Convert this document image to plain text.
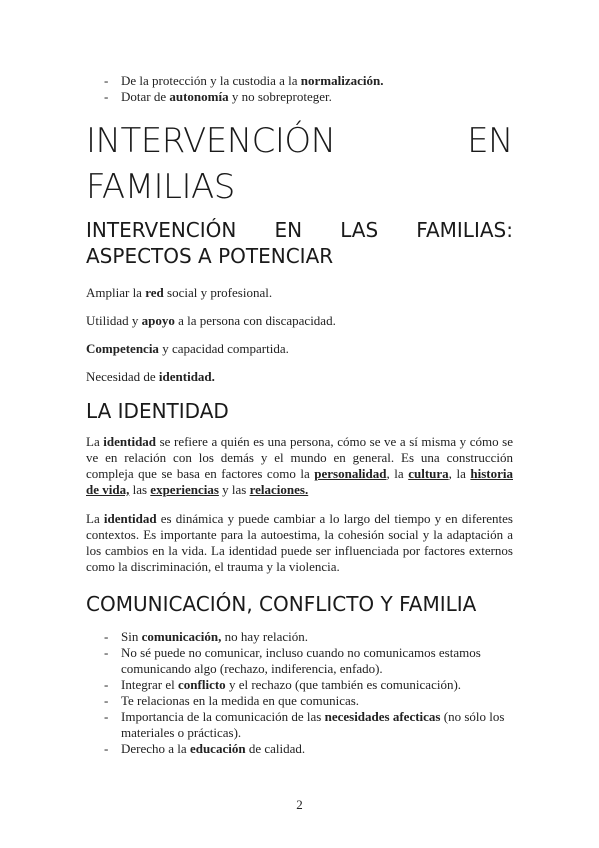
- De la protección y la custodia a la normalización.
- Dotar de autonomía y no sobreproteger.
INTERVENCIÓN	EN
FAMILIAS
INTERVENCIÓN EN LAS FAMILIAS:
ASPECTOS A POTENCIAR

Ampliar la red social y profesional.

Utilidad y apoyo a la persona con discapacidad.

Competencia y capacidad compartida.

Necesidad de identidad.

LA IDENTIDAD

La identidad se refiere a quién es una persona, cómo se ve a sí misma y cómo se ve en relación con los demás y el mundo en general. Es una construcción compleja que se basa en factores como la personalidad, la cultura, la historia de vida, las experiencias y las relaciones.

La identidad es dinámica y puede cambiar a lo largo del tiempo y en diferentes contextos. Es importante para la autoestima, la cohesión social y la adaptación a los cambios en la vida. La identidad puede ser influenciada por factores externos como la discriminación, el trauma y la violencia.

COMUNICACIÓN, CONFLICTO Y FAMILIA
- Sin comunicación, no hay relación.
- No sé puede no comunicar, incluso cuando no comunicamos estamos comunicando algo (rechazo, indiferencia, enfado).
- Integrar el conflicto y el rechazo (que también es comunicación).
- Te relacionas en la medida en que comunicas.
- Importancia de la comunicación de las necesidades afecticas (no sólo los materiales o prácticas).
- Derecho a la educación de calidad.
2
